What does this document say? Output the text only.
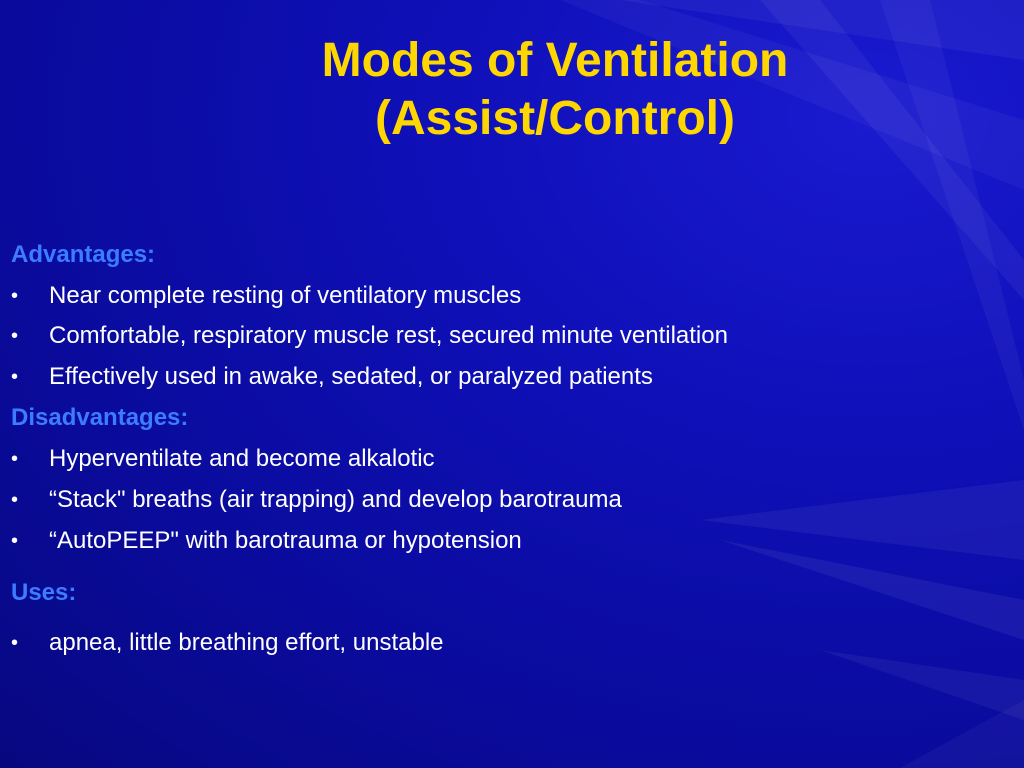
Modes of Ventilation
(Assist/Control)
Advantages:
• Near complete resting of ventilatory muscles
• Comfortable, respiratory muscle rest, secured minute ventilation
• Effectively used in awake, sedated, or paralyzed patients
Disadvantages:
• Hyperventilate and become alkalotic
• “Stack" breaths (air trapping) and develop barotrauma
• “AutoPEEP" with barotrauma or hypotension
Uses:
• apnea, little breathing effort, unstable
